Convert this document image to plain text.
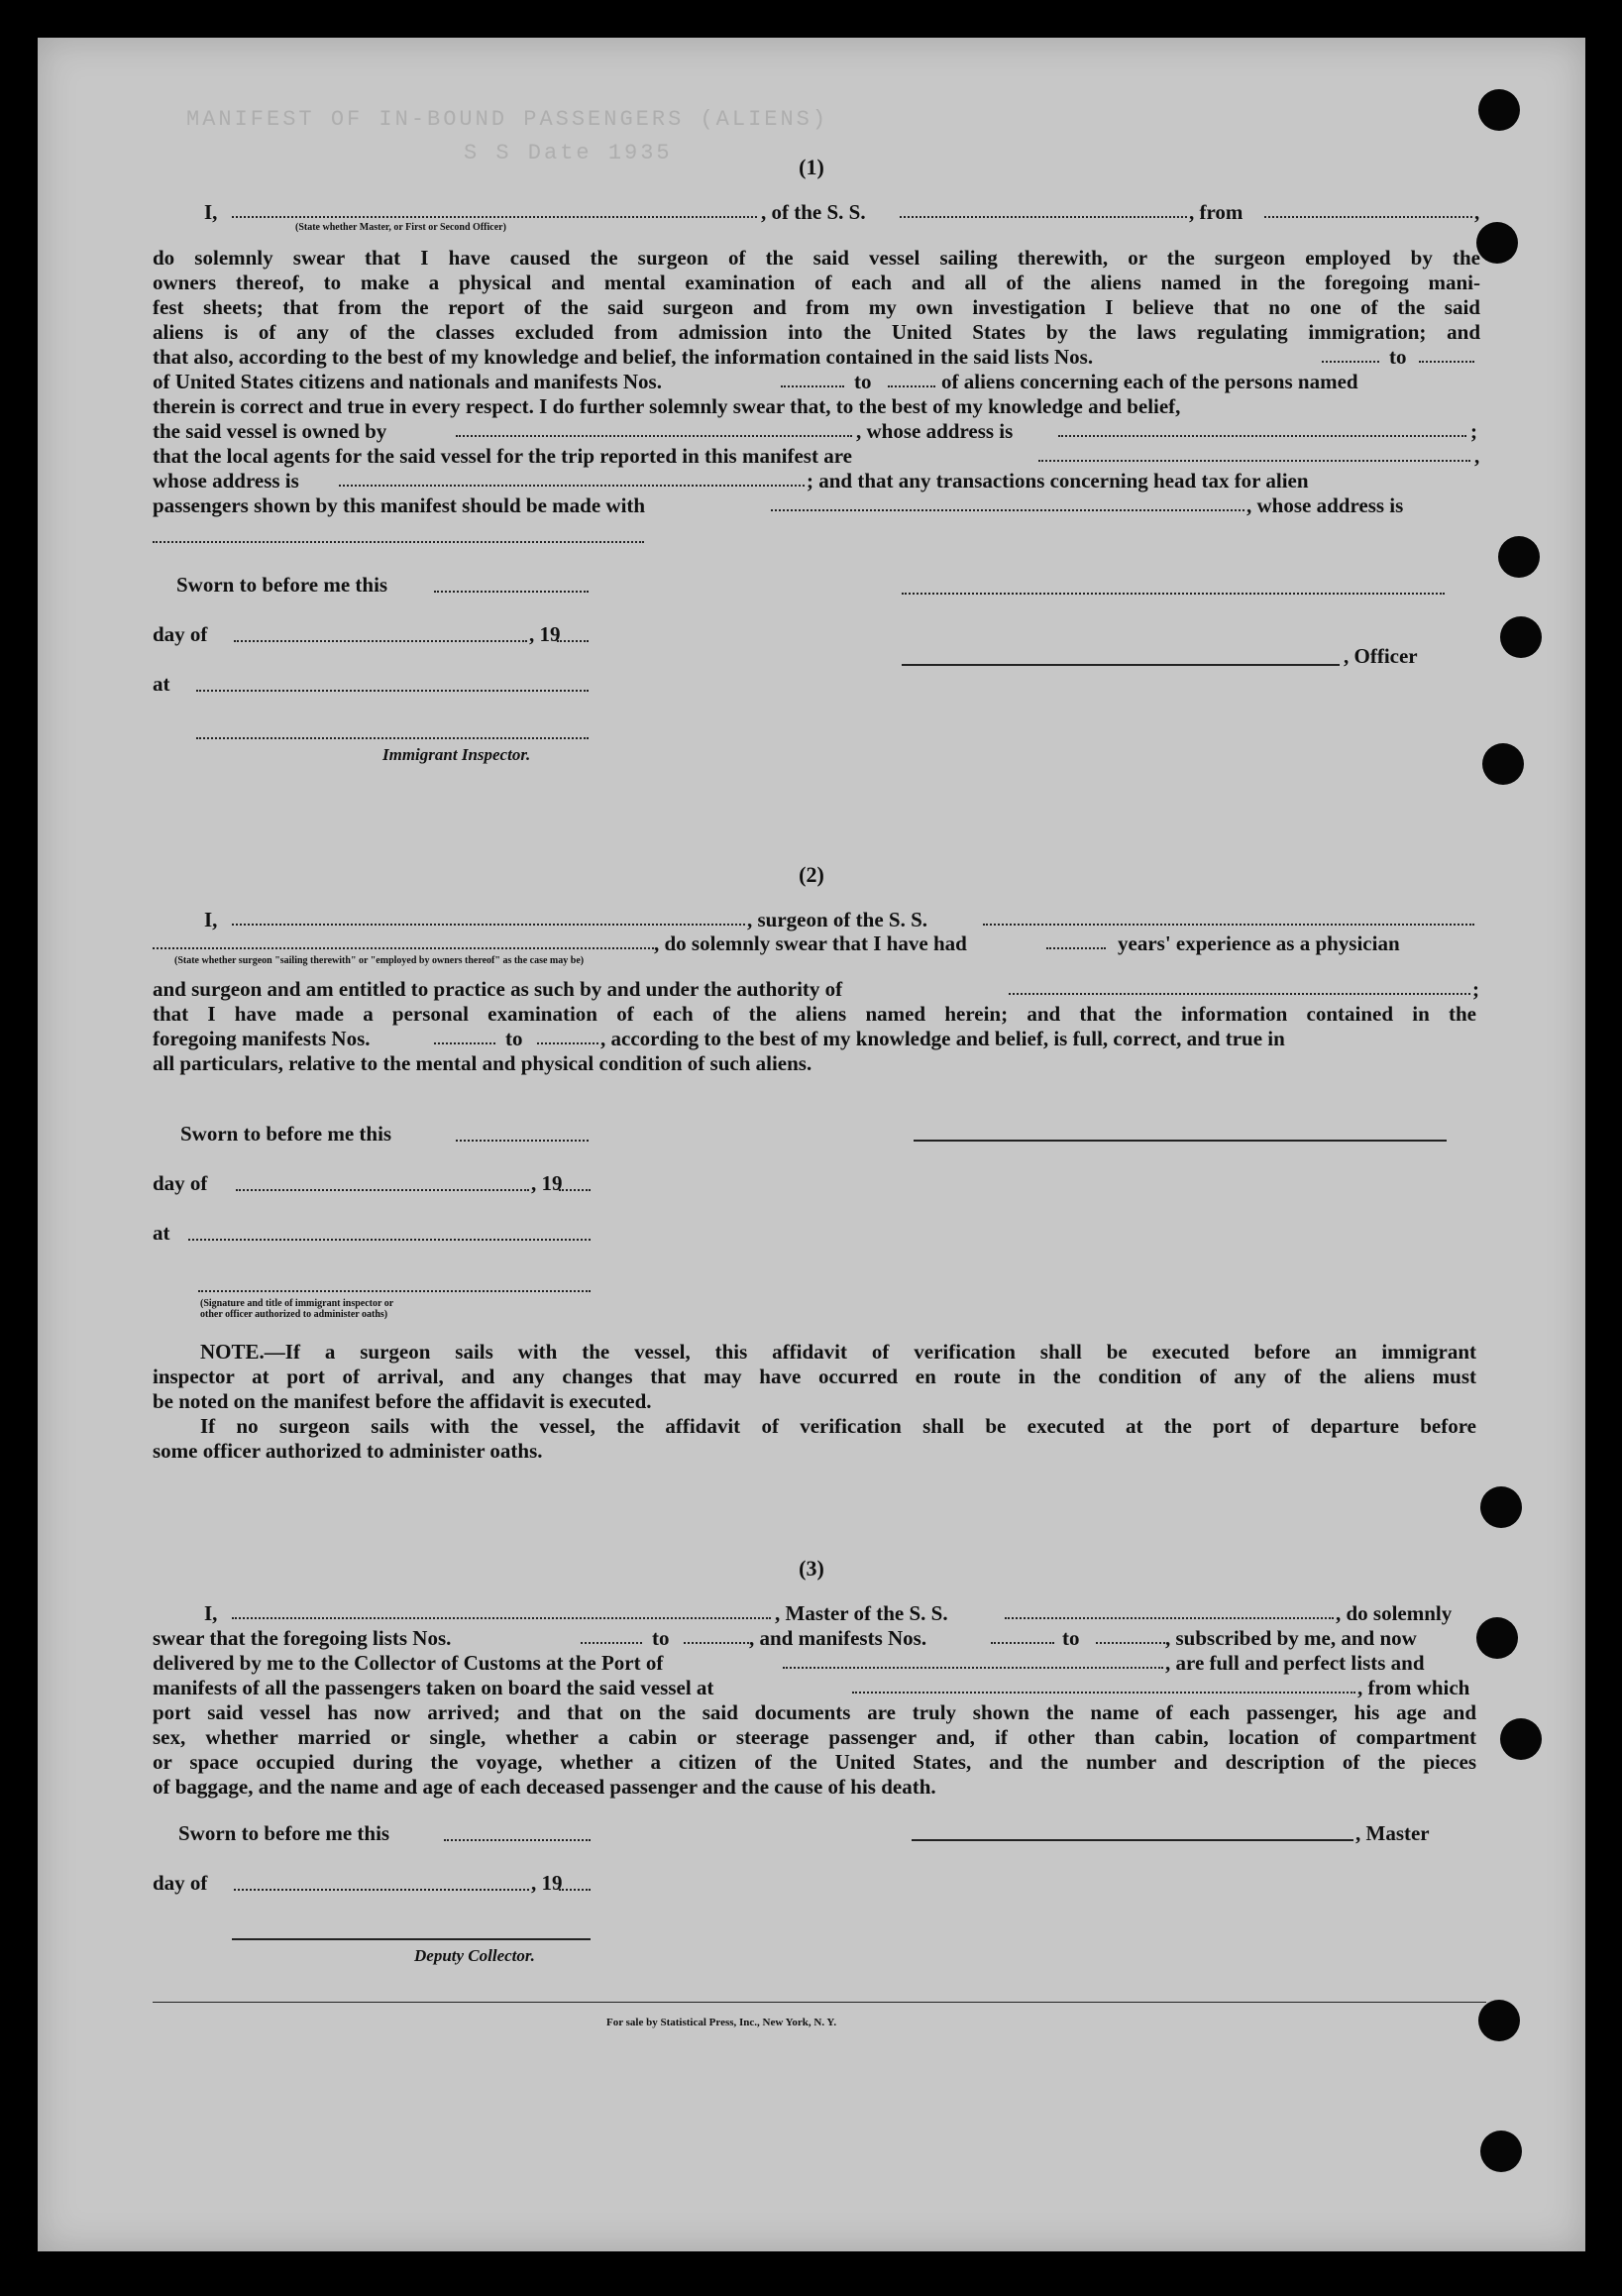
MANIFEST OF IN-BOUND PASSENGERS (ALIENS)
S S Date 1935
(1)
I,
(State whether Master, or First or Second Officer)
, of the S. S.	, from	,
do solemnly swear that I have caused the surgeon of the said vessel sailing therewith, or the surgeon employed by the
owners thereof, to make a physical and mental examination of each and all of the aliens named in the foregoing mani-
fest sheets; that from the report of the said surgeon and from my own investigation I believe that no one of the said
aliens is of any of the classes excluded from admission into the United States by the laws regulating immigration; and
that also, according to the best of my knowledge and belief, the information contained in the said lists Nos.	to
of United States citizens and nationals and manifests Nos.	to	of aliens concerning each of the persons named
therein is correct and true in every respect. I do further solemnly swear that, to the best of my knowledge and belief,
the said vessel is owned by	, whose address is	;
that the local agents for the said vessel for the trip reported in this manifest are	,
whose address is	; and that any transactions concerning head tax for alien
passengers shown by this manifest should be made with	, whose address is
Sworn to before me this
day of	, 19
, Officer
at
Immigrant Inspector.
(2)
I,	, surgeon of the S. S.
, do solemnly swear that I have had	years' experience as a physician
(State whether surgeon "sailing therewith" or "employed by owners thereof" as the case may be)
and surgeon and am entitled to practice as such by and under the authority of	;
that I have made a personal examination of each of the aliens named herein; and that the information contained in the
foregoing manifests Nos.	to	, according to the best of my knowledge and belief, is full, correct, and true in
all particulars, relative to the mental and physical condition of such aliens.
Sworn to before me this
day of	, 19
at
(Signature and title of immigrant inspector or
other officer authorized to administer oaths)
NOTE.—If a surgeon sails with the vessel, this affidavit of verification shall be executed before an immigrant
inspector at port of arrival, and any changes that may have occurred en route in the condition of any of the aliens must
be noted on the manifest before the affidavit is executed.
If no surgeon sails with the vessel, the affidavit of verification shall be executed at the port of departure before
some officer authorized to administer oaths.
(3)
I,	, Master of the S. S.	, do solemnly
swear that the foregoing lists Nos.	to	, and manifests Nos.	to	, subscribed by me, and now
delivered by me to the Collector of Customs at the Port of	, are full and perfect lists and
manifests of all the passengers taken on board the said vessel at	, from which
port said vessel has now arrived; and that on the said documents are truly shown the name of each passenger, his age and
sex, whether married or single, whether a cabin or steerage passenger and, if other than cabin, location of compartment
or space occupied during the voyage, whether a citizen of the United States, and the number and description of the pieces
of baggage, and the name and age of each deceased passenger and the cause of his death.
Sworn to before me this	, Master
day of	, 19
Deputy Collector.
For sale by Statistical Press, Inc., New York, N. Y.
